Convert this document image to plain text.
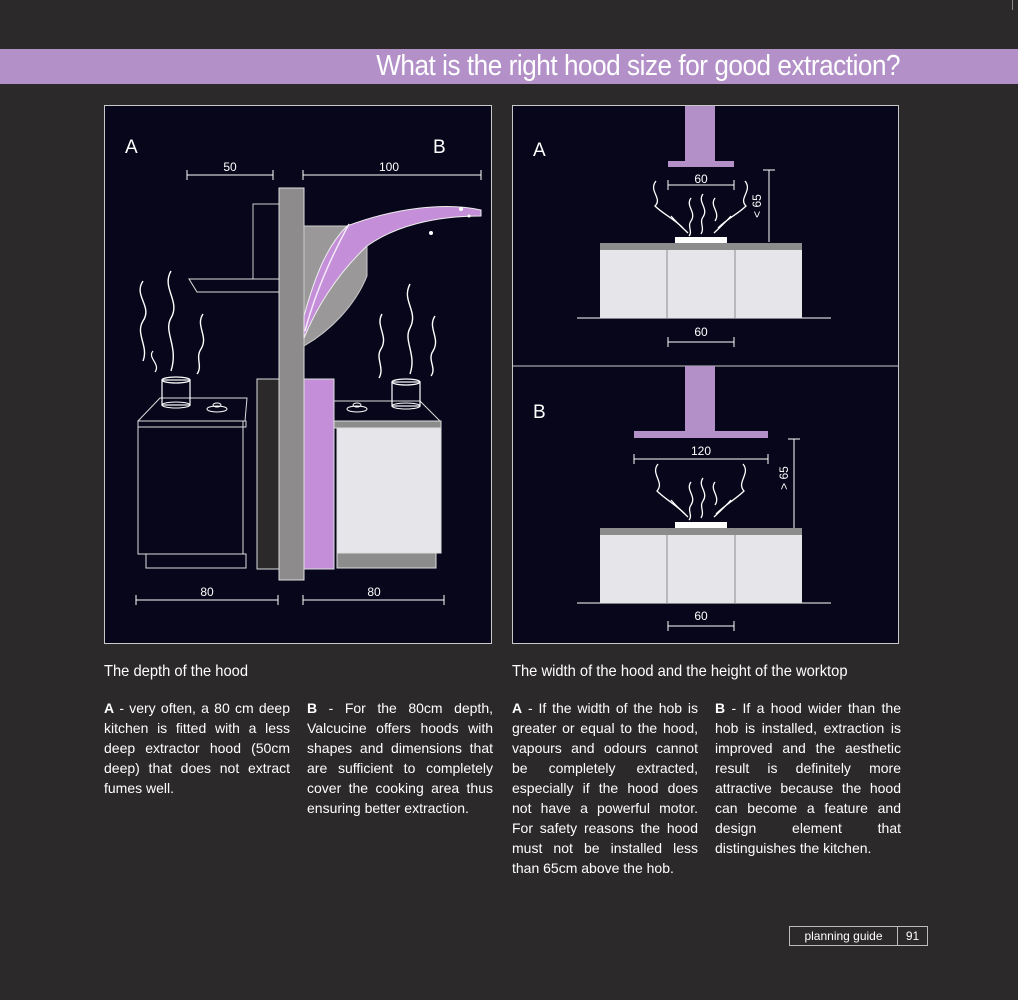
What is the right hood size for good extraction?
A	B
50	100
80	80
A
60
< 65
60
B
120
> 65
60
The depth of the hood	The width of the hood and the height of the worktop
A - very often, a 80 cm deep kitchen is fitted with a less deep extractor hood (50cm deep) that does not extract fumes well.
B - For the 80cm depth, Valcucine offers hoods with shapes and dimensions that are sufficient to completely cover the cooking area thus ensuring better extraction.
A - If the width of the hob is greater or equal to the hood, vapours and odours cannot be completely extracted, especially if the hood does not have a powerful motor. For safety reasons the hood must not be installed less than 65cm above the hob.
B - If a hood wider than the hob is installed, extraction is improved and the aesthetic result is definitely more attractive because the hood can become a feature and design element that distinguishes the kitchen.
planning guide	91
